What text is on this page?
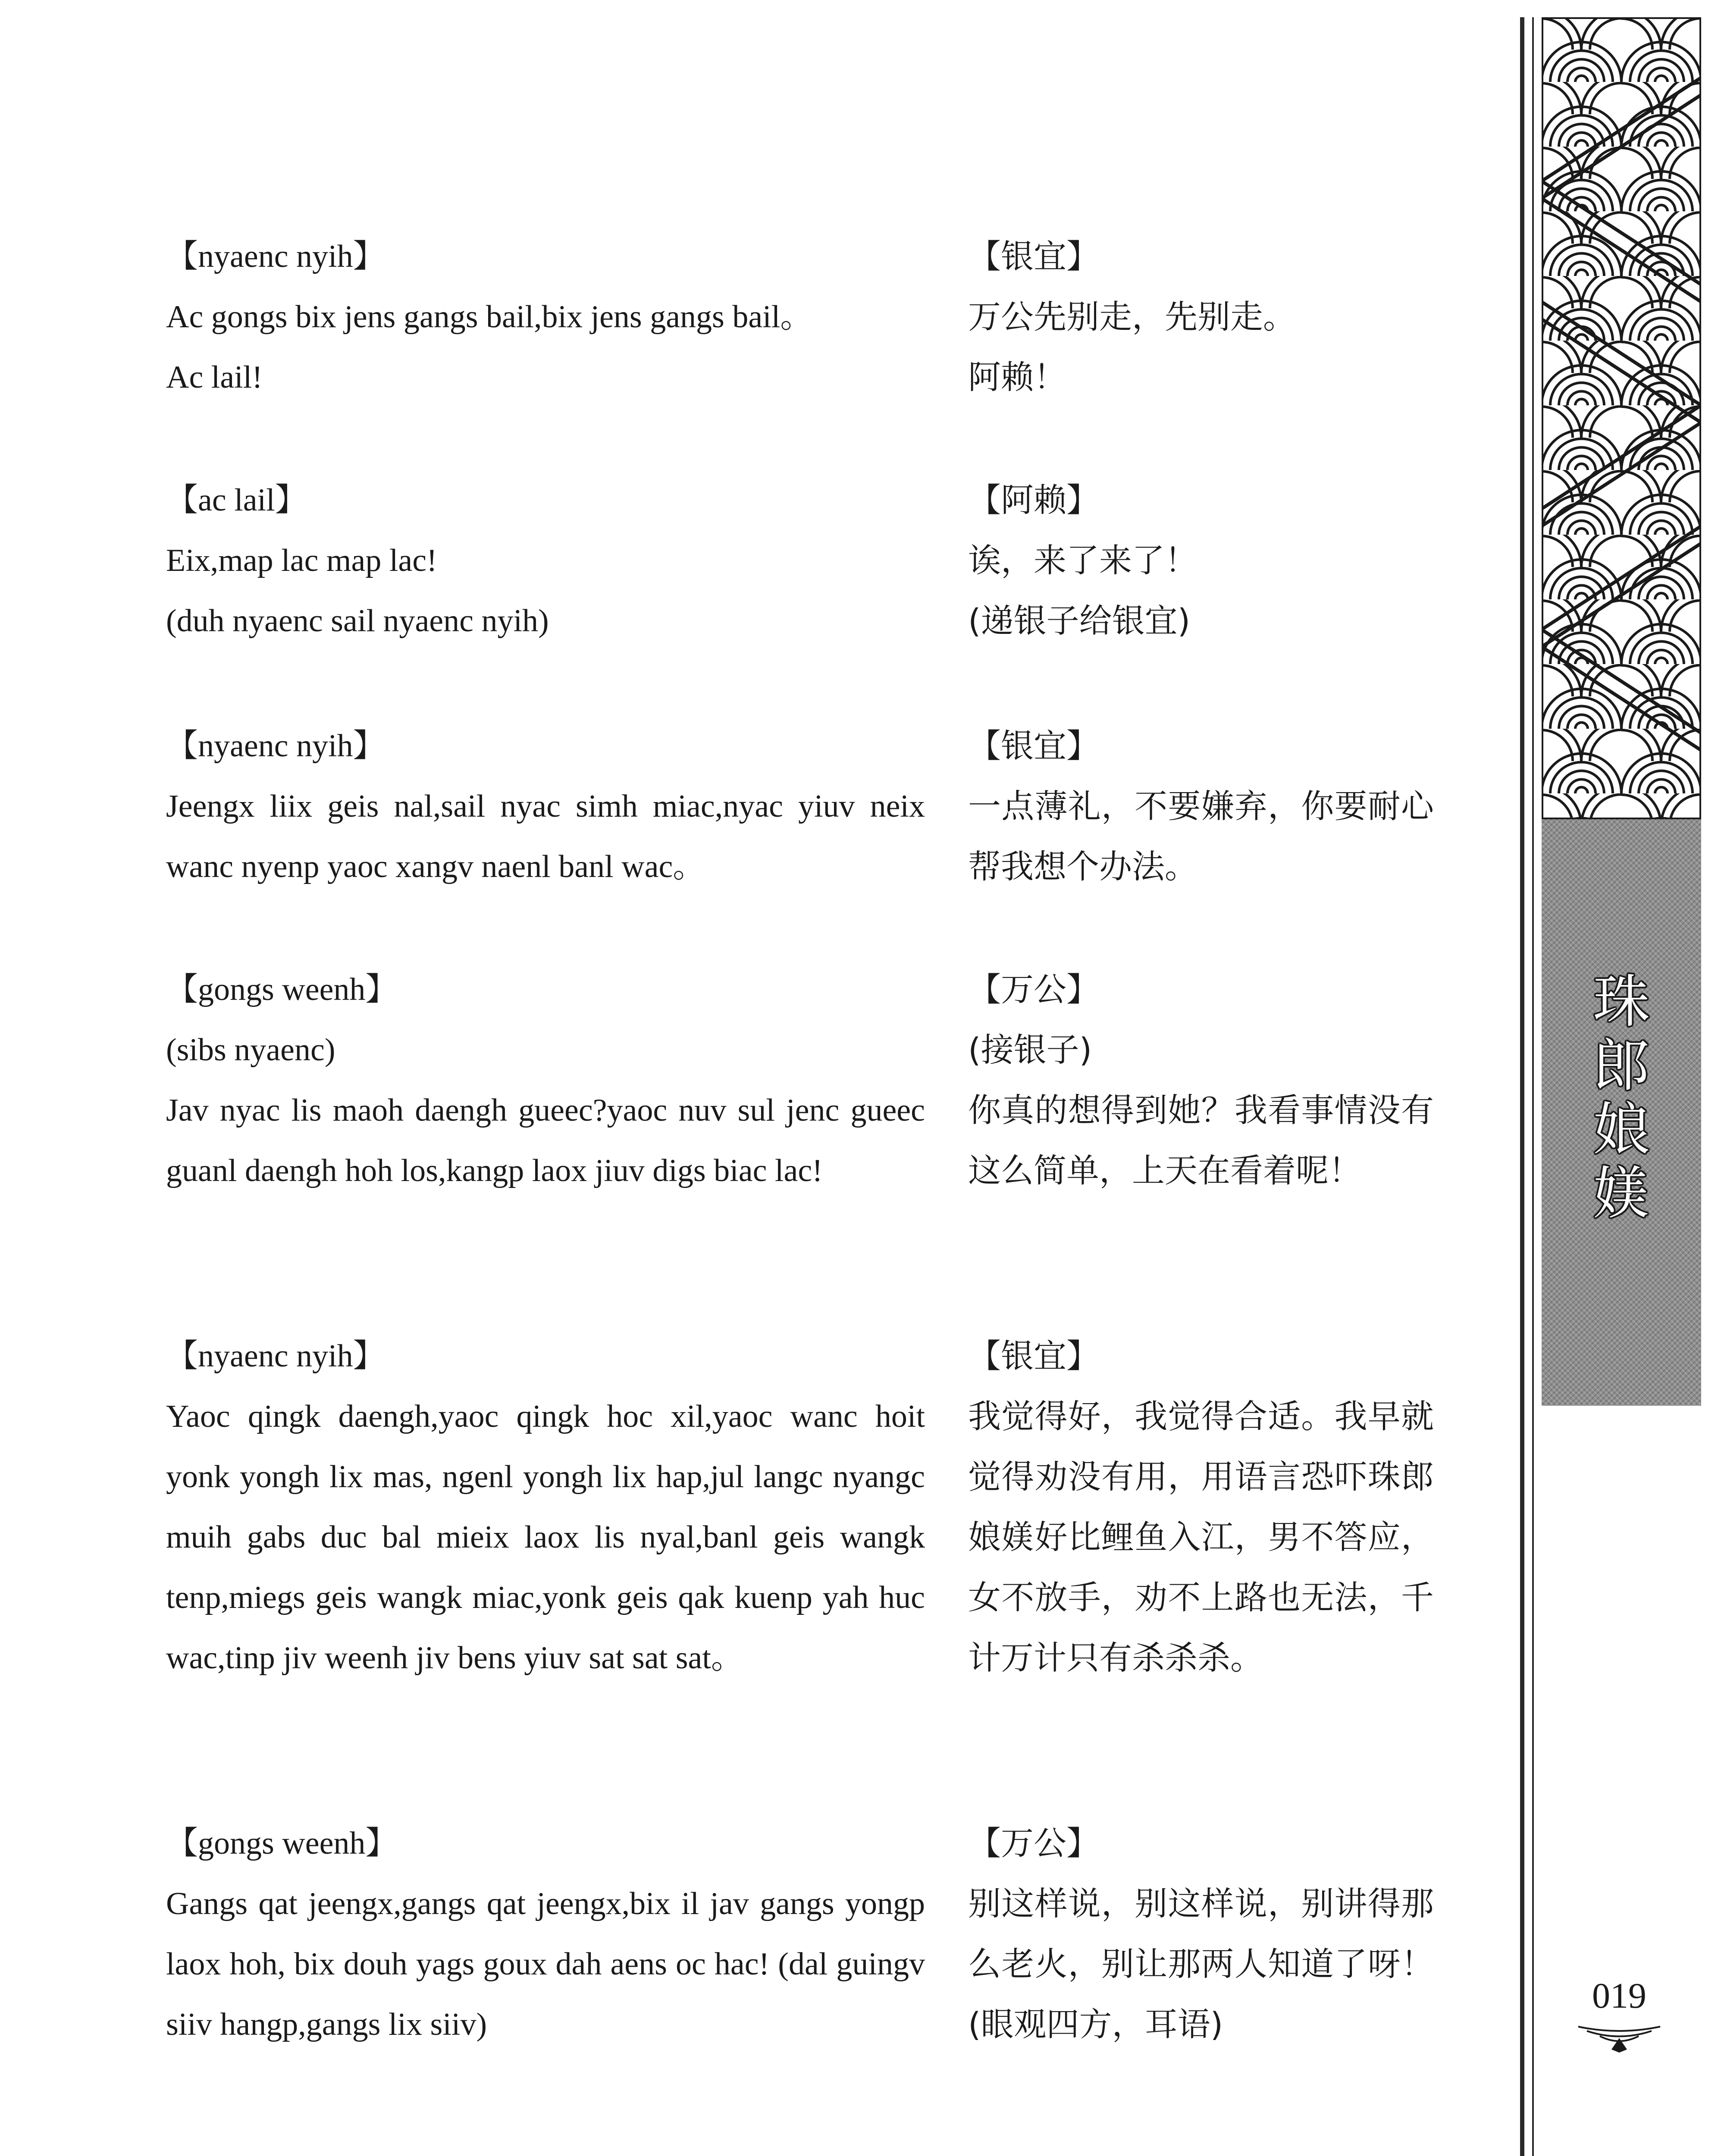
珠郎娘媄
019
【nyaenc nyih】
Ac gongs bix jens gangs bail,bix jens gangs bail。
Ac lail!
【银宜】
万公先别走，先别走。
阿赖！
【ac lail】
Eix,map lac map lac!
(duh nyaenc sail nyaenc nyih)
【阿赖】
诶，来了来了！
(递银子给银宜)
【nyaenc nyih】
Jeengx liix geis nal,sail nyac simh miac,nyac yiuv neix wanc nyenp yaoc xangv naenl banl wac。
【银宜】
一点薄礼，不要嫌弃，你要耐心帮我想个办法。
【gongs weenh】
(sibs nyaenc)
Jav nyac lis maoh daengh gueec?yaoc nuv sul jenc gueec guanl daengh hoh los,kangp laox jiuv digs biac lac!
【万公】
(接银子)
你真的想得到她？我看事情没有这么简单，上天在看着呢！
【nyaenc nyih】
Yaoc qingk daengh,yaoc qingk hoc xil,yaoc wanc hoit yonk yongh lix mas, ngenl yongh lix hap,jul langc nyangc muih gabs duc bal mieix laox lis nyal,banl geis wangk tenp,miegs geis wangk miac,yonk geis qak kuenp yah huc wac,tinp jiv weenh jiv bens yiuv sat sat sat。
【银宜】
我觉得好，我觉得合适。我早就觉得劝没有用，用语言恐吓珠郎娘媄好比鲤鱼入江，男不答应，女不放手，劝不上路也无法，千计万计只有杀杀杀。
【gongs weenh】
Gangs qat jeengx,gangs qat jeengx,bix il jav gangs yongp laox hoh, bix douh yags goux dah aens oc hac! (dal guingv siiv hangp,gangs lix siiv)
【万公】
别这样说，别这样说，别讲得那么老火，别让那两人知道了呀！(眼观四方，耳语)
